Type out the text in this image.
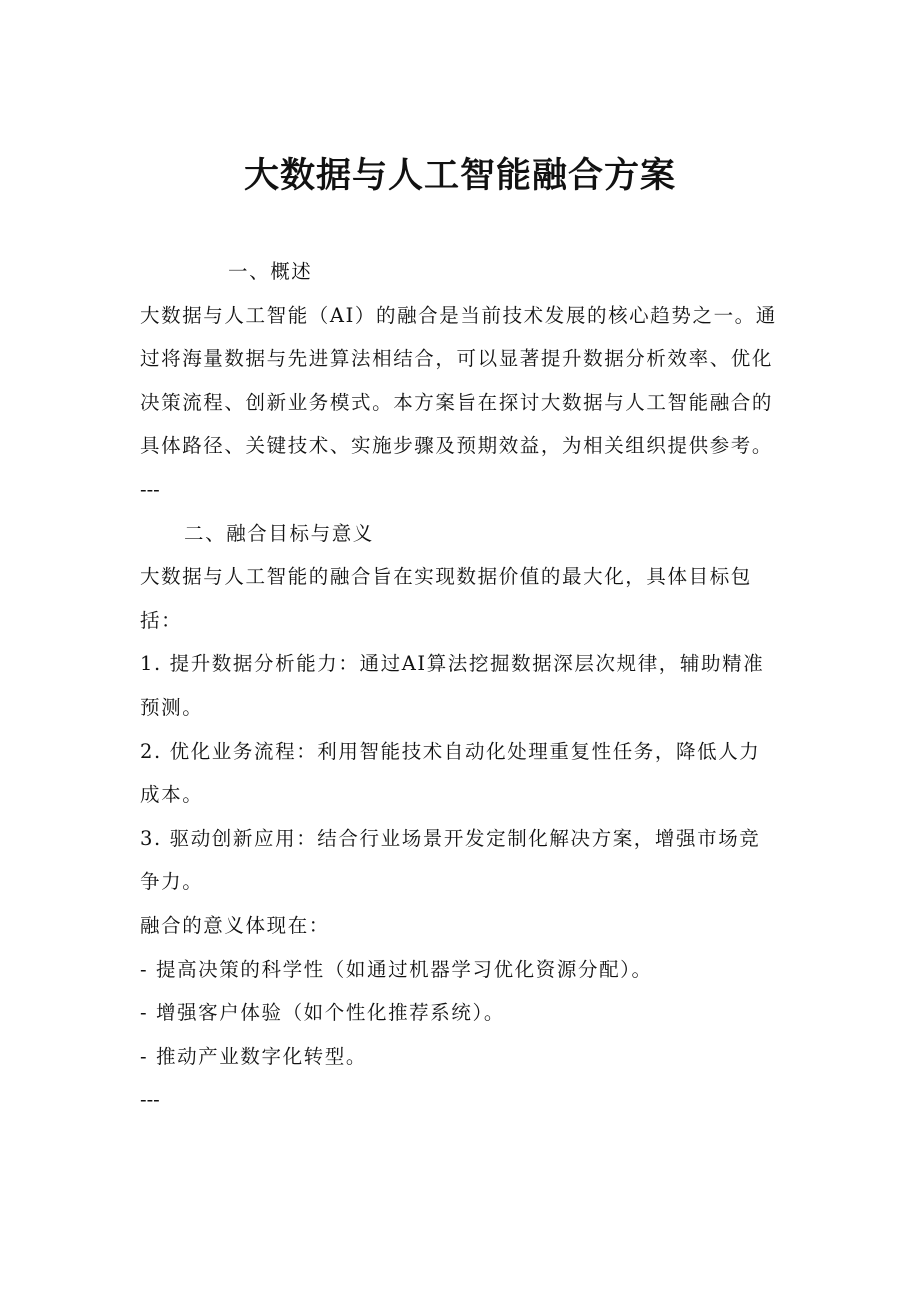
大数据与人工智能融合方案

一、概述

大数据与人工智能（AI）的融合是当前技术发展的核心趋势之一。通过将海量数据与先进算法相结合，可以显著提升数据分析效率、优化决策流程、创新业务模式。本方案旨在探讨大数据与人工智能融合的具体路径、关键技术、实施步骤及预期效益，为相关组织提供参考。

---

二、融合目标与意义

大数据与人工智能的融合旨在实现数据价值的最大化，具体目标包括：

1. 提升数据分析能力：通过AI算法挖掘数据深层次规律，辅助精准预测。

2. 优化业务流程：利用智能技术自动化处理重复性任务，降低人力成本。

3. 驱动创新应用：结合行业场景开发定制化解决方案，增强市场竞争力。

融合的意义体现在：

- 提高决策的科学性（如通过机器学习优化资源分配）。

- 增强客户体验（如个性化推荐系统）。

- 推动产业数字化转型。

---
